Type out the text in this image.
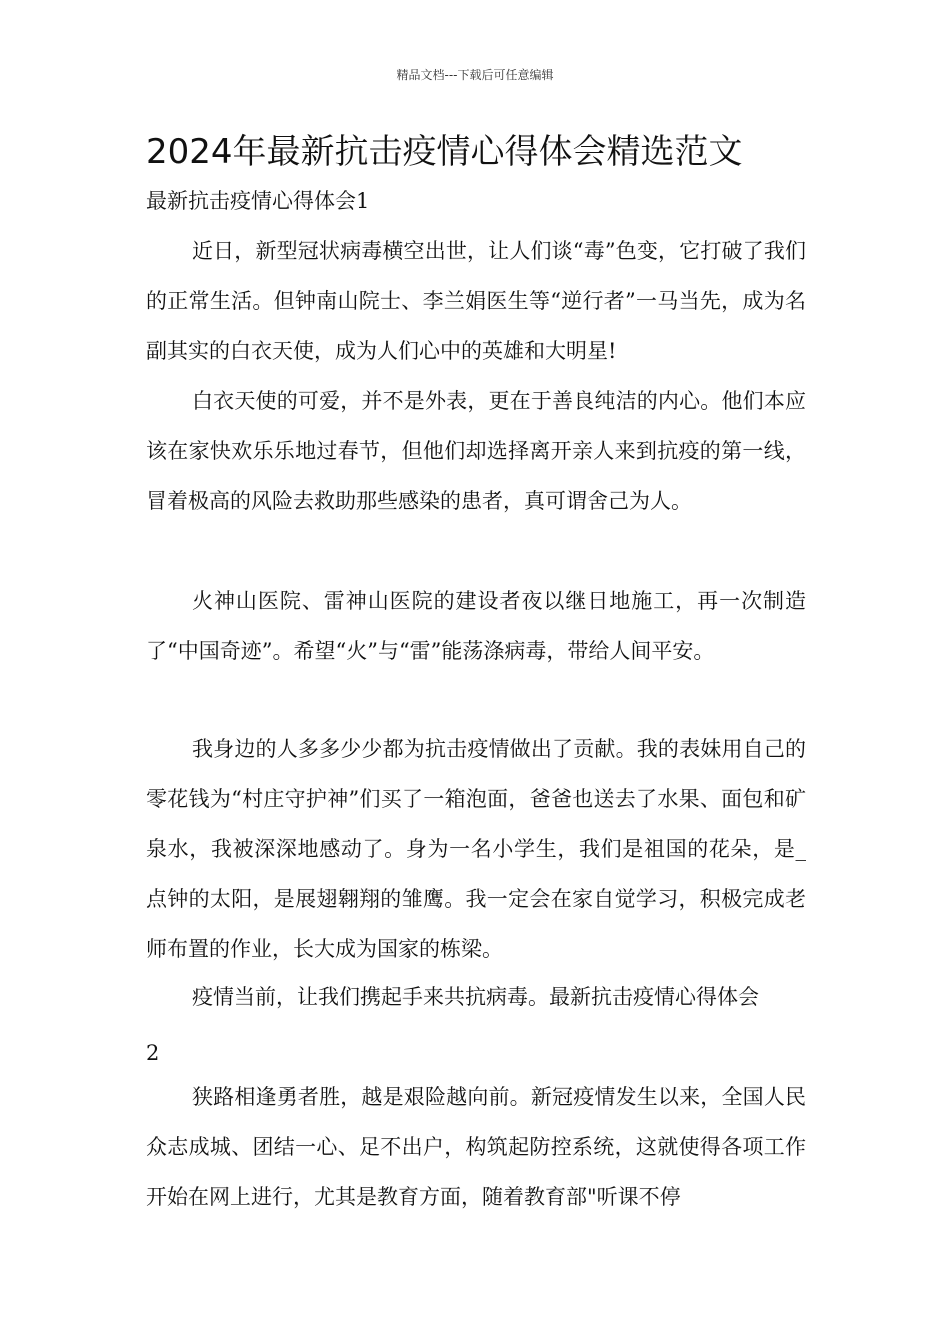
精品文档---下载后可任意编辑
2024年最新抗击疫情心得体会精选范文
最新抗击疫情心得体会1

近日，新型冠状病毒横空出世，让人们谈“毒”色变，它打破了我们的正常生活。但钟南山院士、李兰娟医生等“逆行者”一马当先，成为名副其实的白衣天使，成为人们心中的英雄和大明星!

白衣天使的可爱，并不是外表，更在于善良纯洁的内心。他们本应该在家快欢乐乐地过春节，但他们却选择离开亲人来到抗疫的第一线，冒着极高的风险去救助那些感染的患者，真可谓舍己为人。

火神山医院、雷神山医院的建设者夜以继日地施工，再一次制造了“中国奇迹”。希望“火”与“雷”能荡涤病毒，带给人间平安。

我身边的人多多少少都为抗击疫情做出了贡献。我的表妹用自己的零花钱为“村庄守护神”们买了一箱泡面，爸爸也送去了水果、面包和矿泉水，我被深深地感动了。身为一名小学生，我们是祖国的花朵，是_点钟的太阳，是展翅翱翔的雏鹰。我一定会在家自觉学习，积极完成老师布置的作业，长大成为国家的栋梁。

疫情当前，让我们携起手来共抗病毒。最新抗击疫情心得体会

2

狭路相逢勇者胜，越是艰险越向前。新冠疫情发生以来，全国人民众志成城、团结一心、足不出户，构筑起防控系统，这就使得各项工作开始在网上进行，尤其是教育方面，随着教育部"听课不停
